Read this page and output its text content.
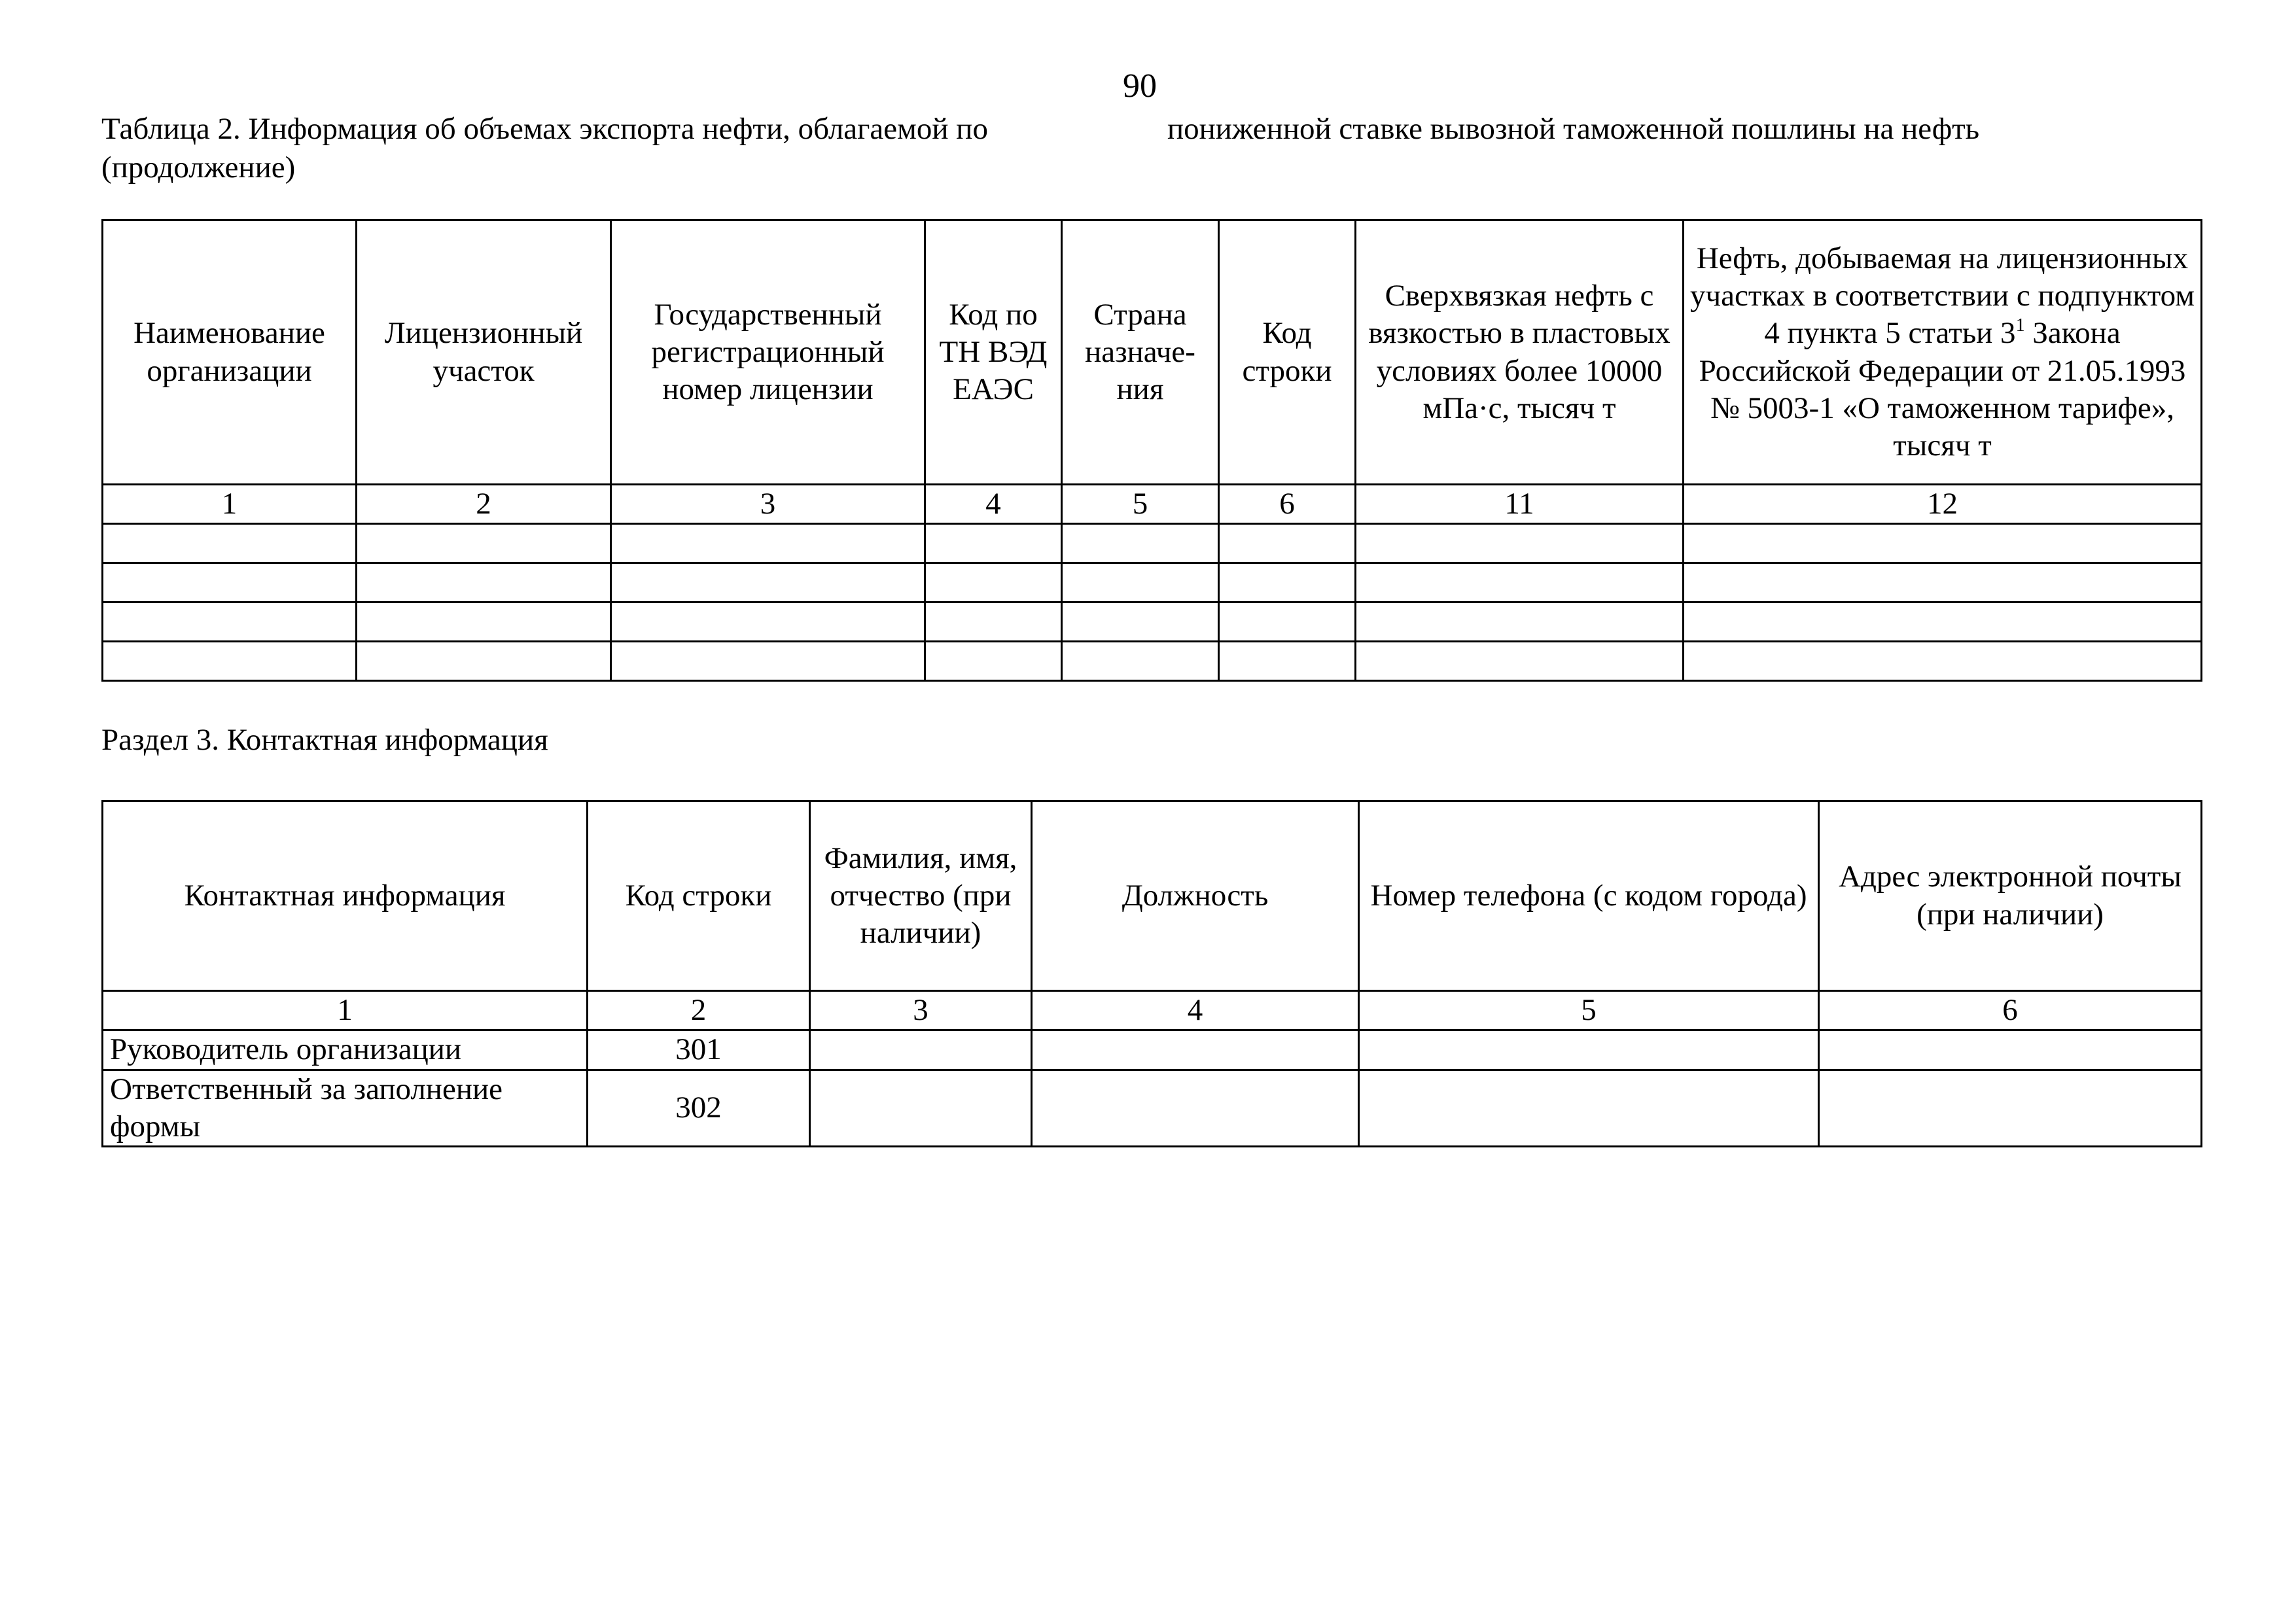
90
Таблица 2. Информация об объемах экспорта нефти, облагаемой по	пониженной ставке вывозной таможенной пошлины на нефть
(продолжение)
Наименование организации	Лицензионный участок	Государственный регистрационный номер лицензии	Код по ТН ВЭД ЕАЭС	Страна назначе-ния	Код строки	Сверхвязкая нефть с вязкостью в пластовых условиях более 10000 мПа·с, тысяч т	Нефть, добываемая на лицензионных участках в соответствии с подпунктом 4 пункта 5 статьи $3^1$ Закона Российской Федерации от 21.05.1993 № 5003-1 «О таможенном тарифе», тысяч т
1	2	3	4	5	6	11	12

Раздел 3. Контактная информация
Контактная информация	Код строки	Фамилия, имя, отчество (при наличии)	Должность	Номер телефона (с кодом города)	Адрес электронной почты (при наличии)
1	2	3	4	5	6
Руководитель организации	301				
Ответственный за заполнение формы	302				
